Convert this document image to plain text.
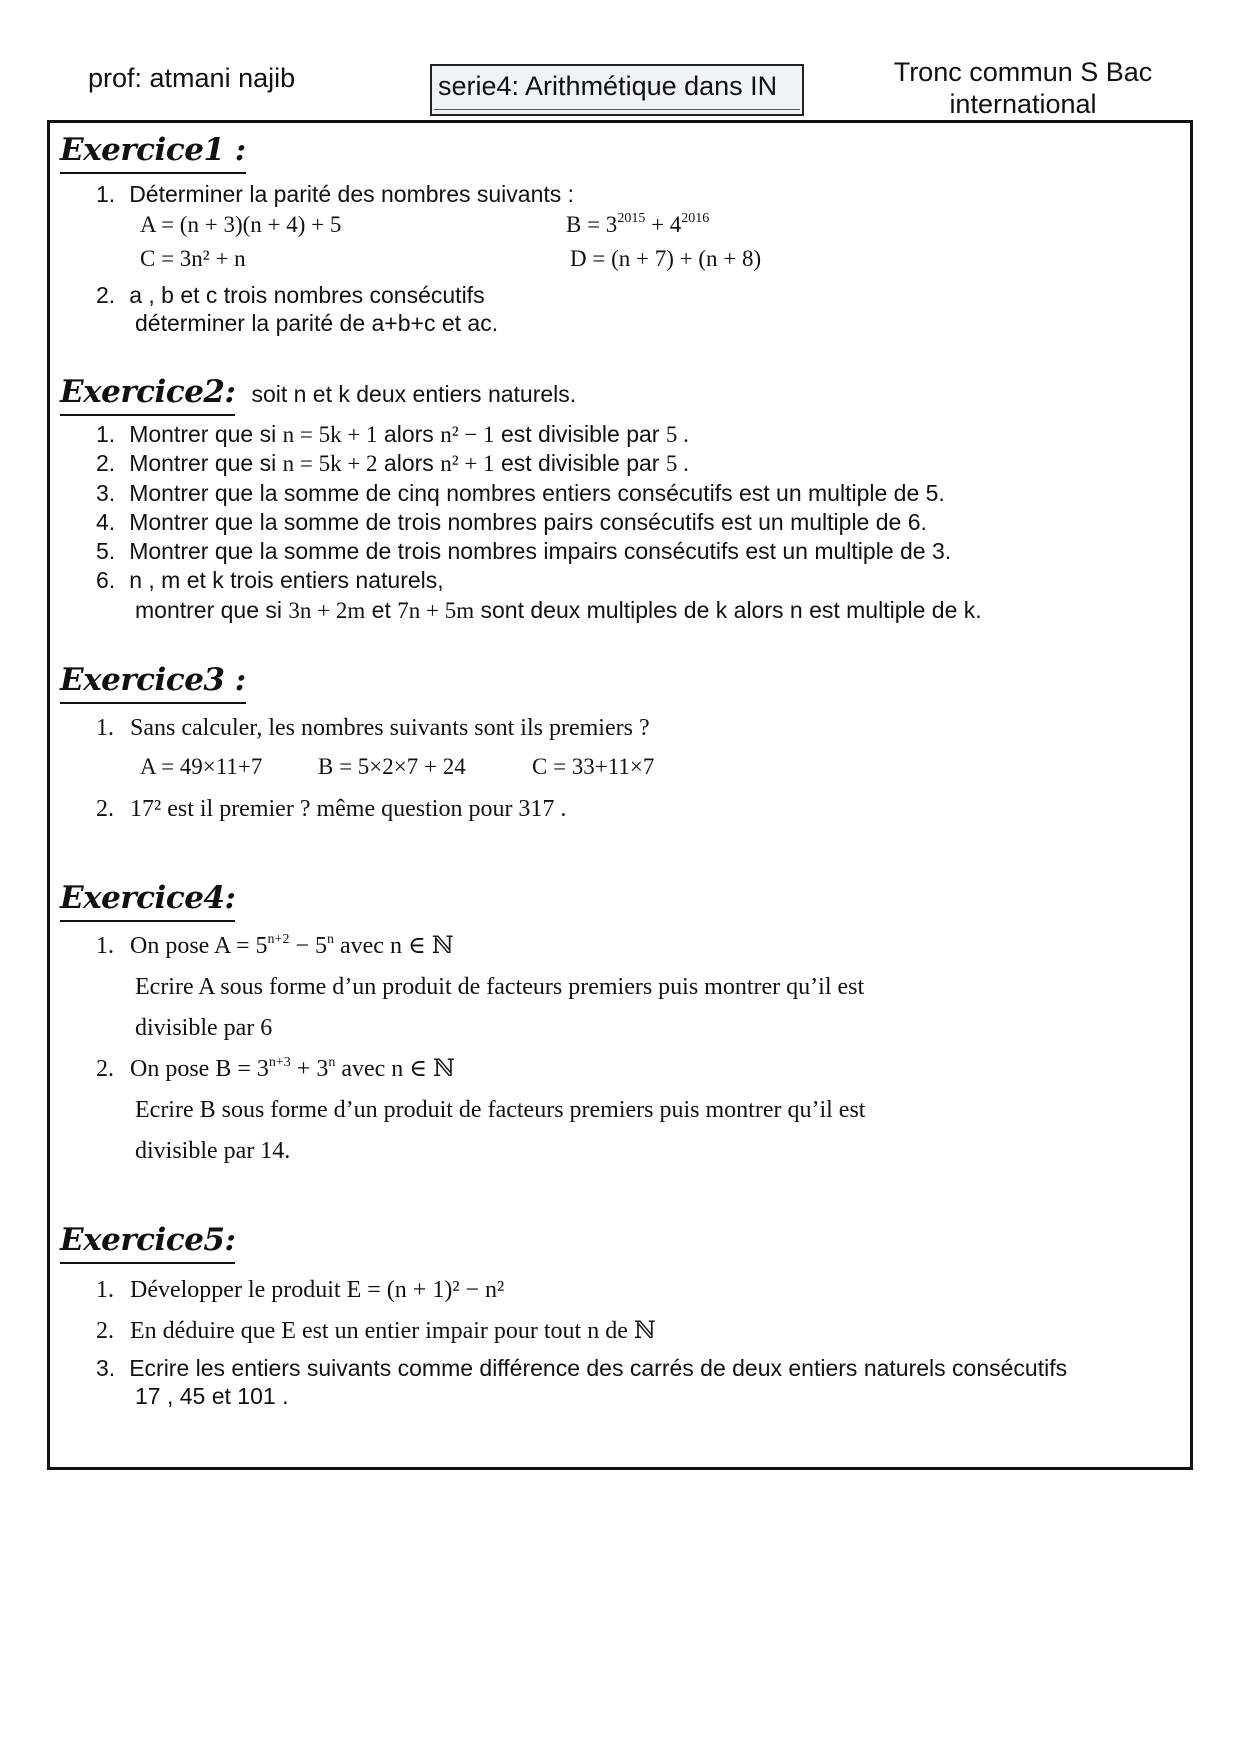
prof: atmani najib	serie4: Arithmétique dans IN	Tronc commun S Bac
international
Exercice1 :
1. Déterminer la parité des nombres suivants :
A = (n + 3)(n + 4) + 5	$B = 3^{2015} + 4^{2016}$
C = 3n² + n	D = (n + 7) + (n + 8)
2. a , b et c trois nombres consécutifs
déterminer la parité de a+b+c et ac.
Exercice2: soit n et k deux entiers naturels.
1. Montrer que si n = 5k + 1 alors n² − 1 est divisible par 5 .
2. Montrer que si n = 5k + 2 alors n² + 1 est divisible par 5 .
3. Montrer que la somme de cinq nombres entiers consécutifs est un multiple de 5.
4. Montrer que la somme de trois nombres pairs consécutifs est un multiple de 6.
5. Montrer que la somme de trois nombres impairs consécutifs est un multiple de 3.
6. n , m et k trois entiers naturels,
montrer que si 3n + 2m et 7n + 5m sont deux multiples de k alors n est multiple de k.
Exercice3 :
1. Sans calculer, les nombres suivants sont ils premiers ?
A = 49×11+7 B = 5×2×7 + 24	C = 33+11×7
2. 17² est il premier ? même question pour 317 .
Exercice4:
1. On pose $A = 5^{n+2} - 5^n$ avec n ∈ ℕ
Ecrire A sous forme d’un produit de facteurs premiers puis montrer qu’il est
divisible par 6
2. On pose $B = 3^{n+3} + 3^n$ avec n ∈ ℕ
Ecrire B sous forme d’un produit de facteurs premiers puis montrer qu’il est
divisible par 14.
Exercice5:
1. Développer le produit E = (n + 1)² − n²
2. En déduire que E est un entier impair pour tout n de ℕ
3. Ecrire les entiers suivants comme différence des carrés de deux entiers naturels consécutifs
17 , 45 et 101 .
